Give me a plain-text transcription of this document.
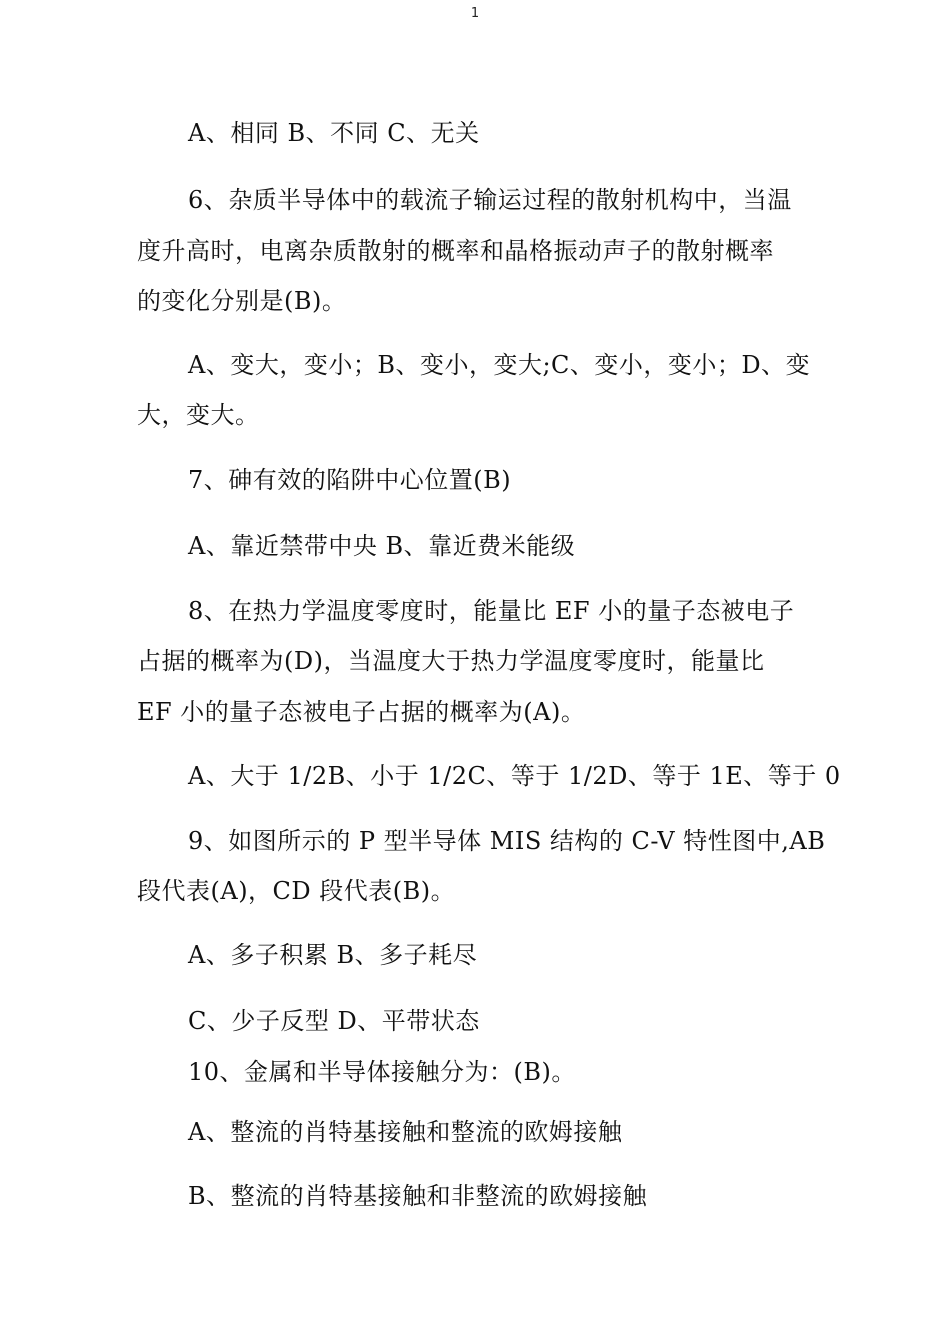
1
A、相同 B、不同 C、无关
6、杂质半导体中的载流子输运过程的散射机构中，当温
度升高时，电离杂质散射的概率和晶格振动声子的散射概率
的变化分别是(B)。
A、变大，变小；B、变小，变大;C、变小，变小；D、变
大，变大。
7、砷有效的陷阱中心位置(B)
A、靠近禁带中央 B、靠近费米能级
8、在热力学温度零度时，能量比 EF 小的量子态被电子
占据的概率为(D)，当温度大于热力学温度零度时，能量比
EF 小的量子态被电子占据的概率为(A)。
A、大于 1/2B、小于 1/2C、等于 1/2D、等于 1E、等于 0
9、如图所示的 P 型半导体 MIS 结构的 C-V 特性图中,AB
段代表(A)，CD 段代表(B)。
A、多子积累 B、多子耗尽
C、少子反型 D、平带状态
10、金属和半导体接触分为：(B)。
A、整流的肖特基接触和整流的欧姆接触
B、整流的肖特基接触和非整流的欧姆接触
